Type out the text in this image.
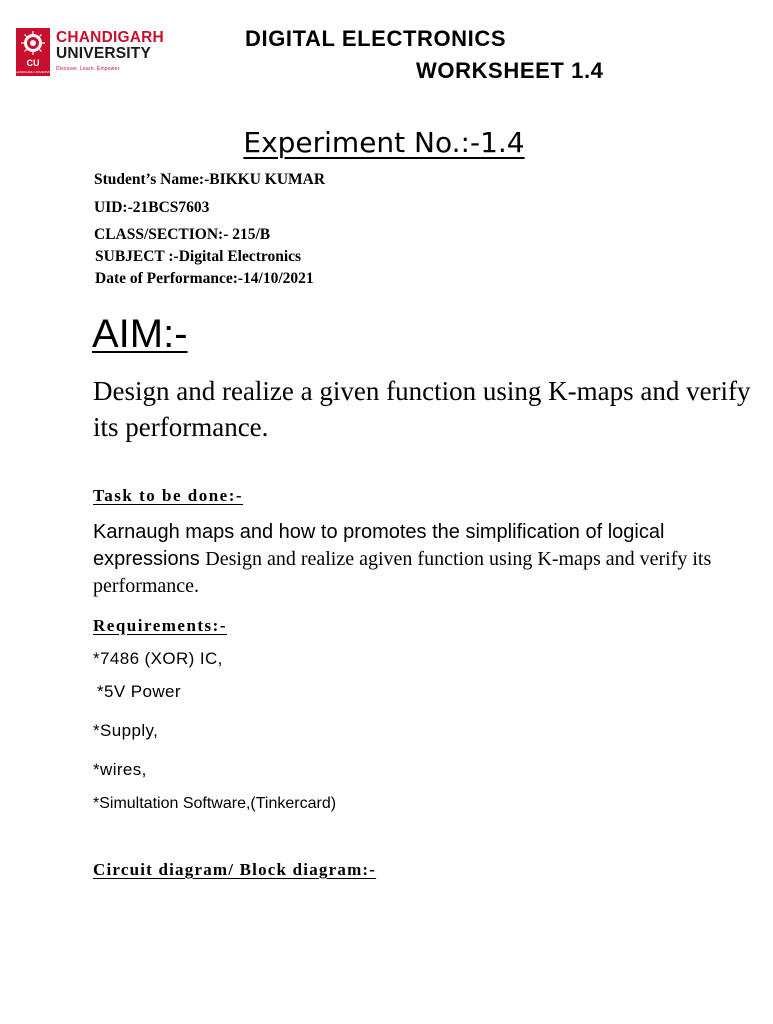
CU
CHANDIGARH UNIVERSITY
CHANDIGARH
UNIVERSITY
Discover. Learn. Empower.
DIGITAL ELECTRONICS
WORKSHEET 1.4
Experiment No.:-1.4
Student’s Name:-BIKKU KUMAR
UID:-21BCS7603
CLASS/SECTION:- 215/B
SUBJECT :-Digital Electronics
Date of Performance:-14/10/2021
AIM:-
Design and realize a given function using K-maps and verify its performance.
Task to be done:-
Karnaugh maps and how to promotes the simplification of logical expressions Design and realize agiven function using K-maps and verify its performance.
Requirements:-
*7486 (XOR) IC,
*5V Power
*Supply,
*wires,
*Simultation Software,(Tinkercard)
Circuit diagram/ Block diagram:-
